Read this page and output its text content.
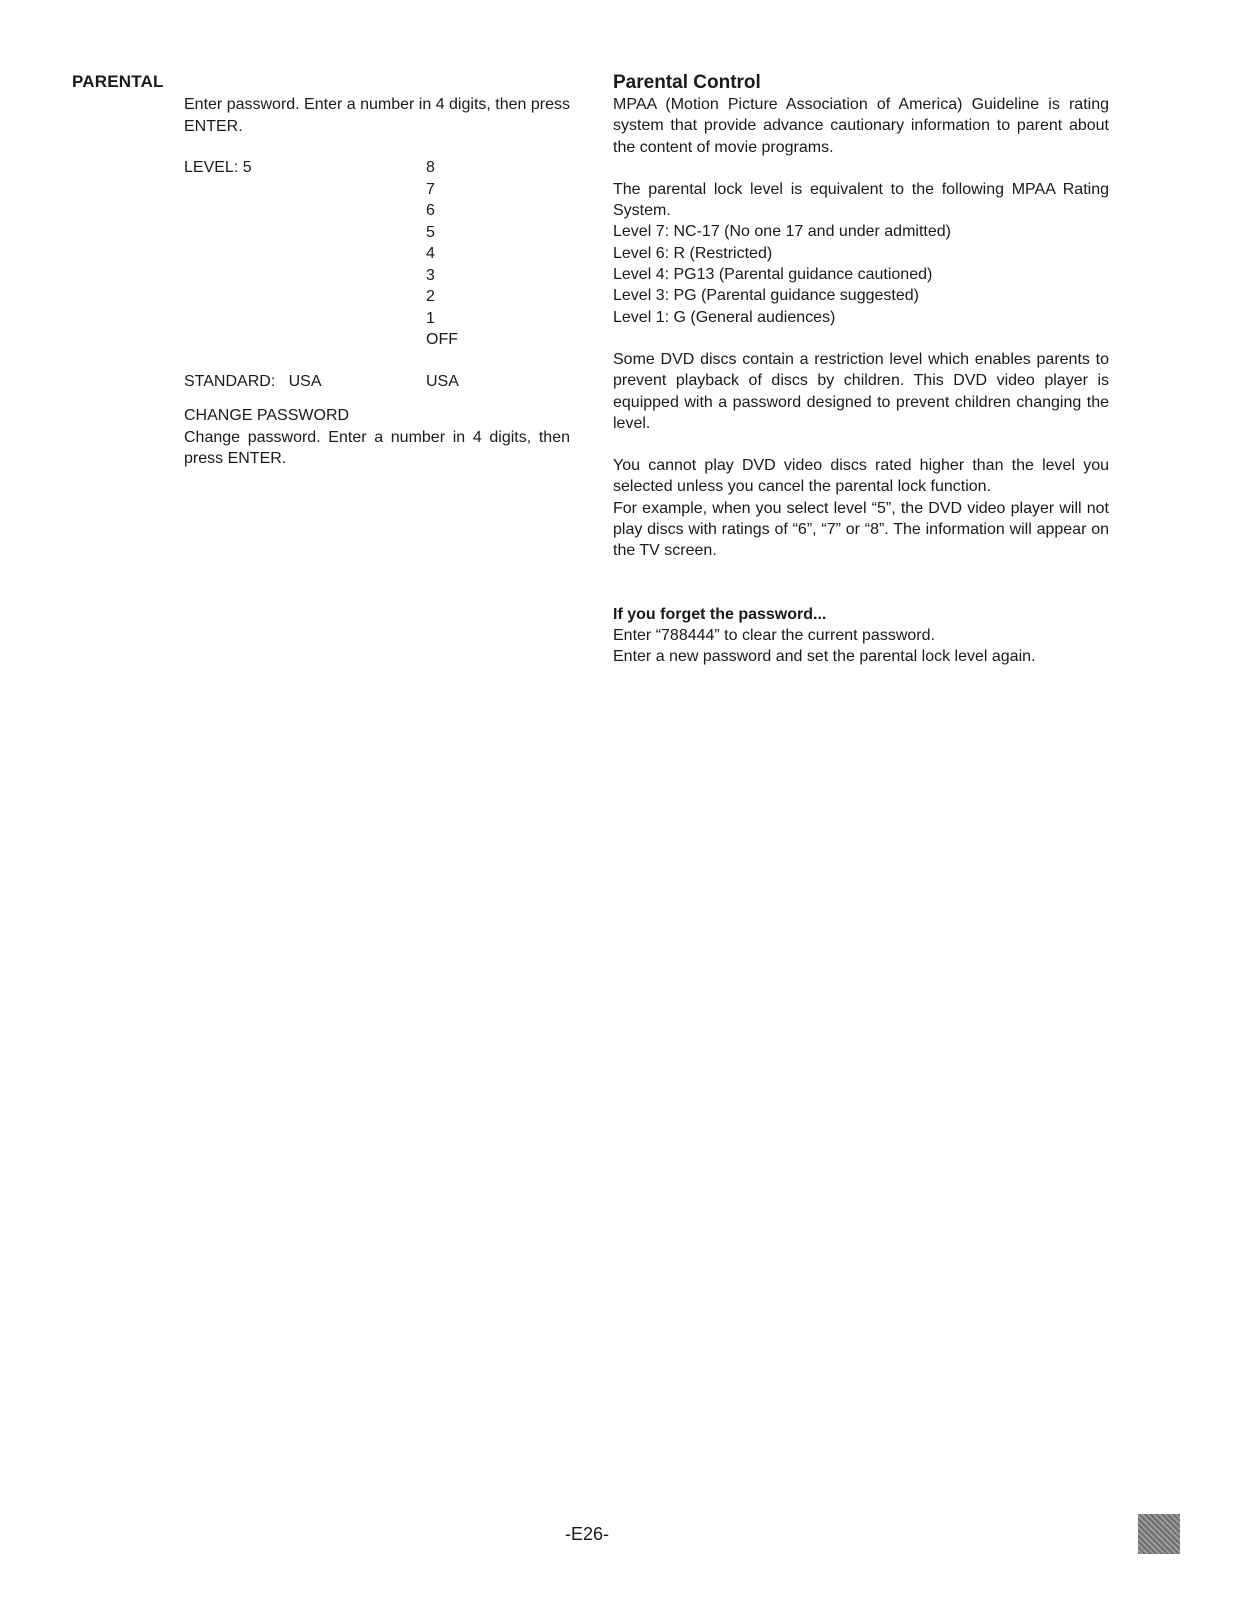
PARENTAL
Enter password. Enter a number in 4 digits, then press ENTER.
LEVEL: 5	8
7
6
5
4
3
2
1
OFF
STANDARD:   USA	USA
CHANGE PASSWORD
Change password. Enter a number in 4 digits, then press ENTER.
Parental Control

MPAA (Motion Picture Association of America) Guideline is rating system that provide advance cautionary information to parent about the content of movie programs.

The parental lock level is equivalent to the following MPAA Rating System.

Level 7: NC-17 (No one 17 and under admitted)
Level 6: R (Restricted)
Level 4: PG13 (Parental guidance cautioned)
Level 3: PG (Parental guidance suggested)
Level 1: G (General audiences)

Some DVD discs contain a restriction level which enables parents to prevent playback of discs by children. This DVD video player is equipped with a password designed to prevent children changing the level.

You cannot play DVD video discs rated higher than the level you selected unless you cancel the parental lock function.

For example, when you select level “5”, the DVD video player will not play discs with ratings of “6”, “7” or “8”. The information will appear on the TV screen.

If you forget the password...
Enter “788444” to clear the current password.
Enter a new password and set the parental lock level again.
-E26-
